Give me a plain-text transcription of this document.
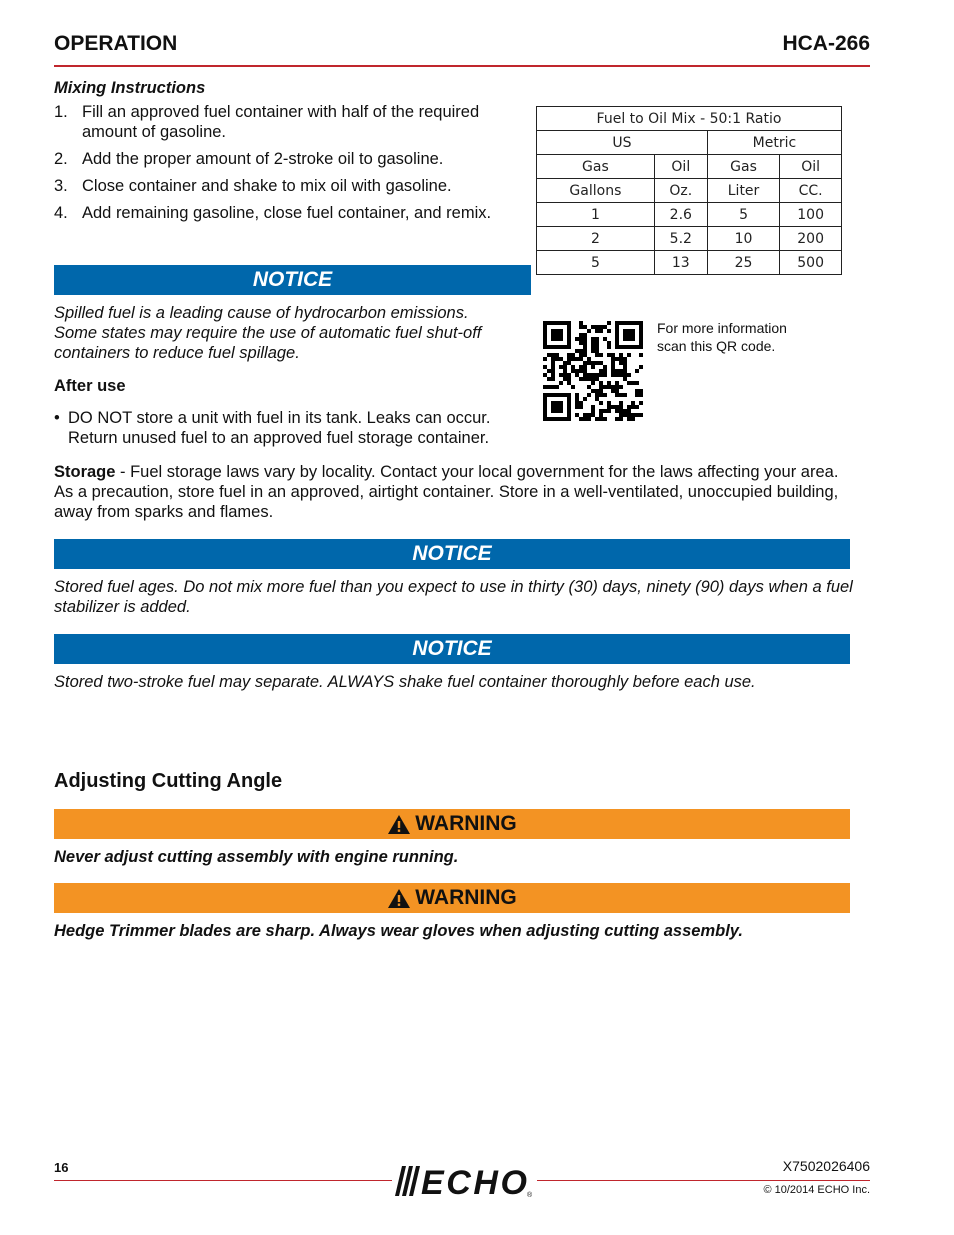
OPERATION	HCA-266
Mixing Instructions
1. Fill an approved fuel container with half of the required amount of gasoline.
2. Add the proper amount of 2-stroke oil to gasoline.
3. Close container and shake to mix oil with gasoline.
4. Add remaining gasoline, close fuel container, and remix.
Fuel to Oil Mix - 50:1 Ratio			
US		Metric	
Gas	Oil	Gas	Oil
Gallons	Oz.	Liter	CC.
1	2.6	5	100
2	5.2	10	200
5	13	25	500
NOTICE
Spilled fuel is a leading cause of hydrocarbon emissions. Some states may require the use of automatic fuel shut-off containers to reduce fuel spillage.
For more information scan this QR code.
After use
• DO NOT store a unit with fuel in its tank. Leaks can occur. Return unused fuel to an approved fuel storage container.
Storage - Fuel storage laws vary by locality. Contact your local government for the laws affecting your area. As a precaution, store fuel in an approved, airtight container. Store in a well-ventilated, unoccupied building, away from sparks and flames.
NOTICE
Stored fuel ages. Do not mix more fuel than you expect to use in thirty (30) days, ninety (90) days when a fuel stabilizer is added.
NOTICE
Stored two-stroke fuel may separate. ALWAYS shake fuel container thoroughly before each use.
Adjusting Cutting Angle
WARNING
Never adjust cutting assembly with engine running.
WARNING
Hedge Trimmer blades are sharp. Always wear gloves when adjusting cutting assembly.
16	X7502026406
ECHO ®	© 10/2014 ECHO Inc.
